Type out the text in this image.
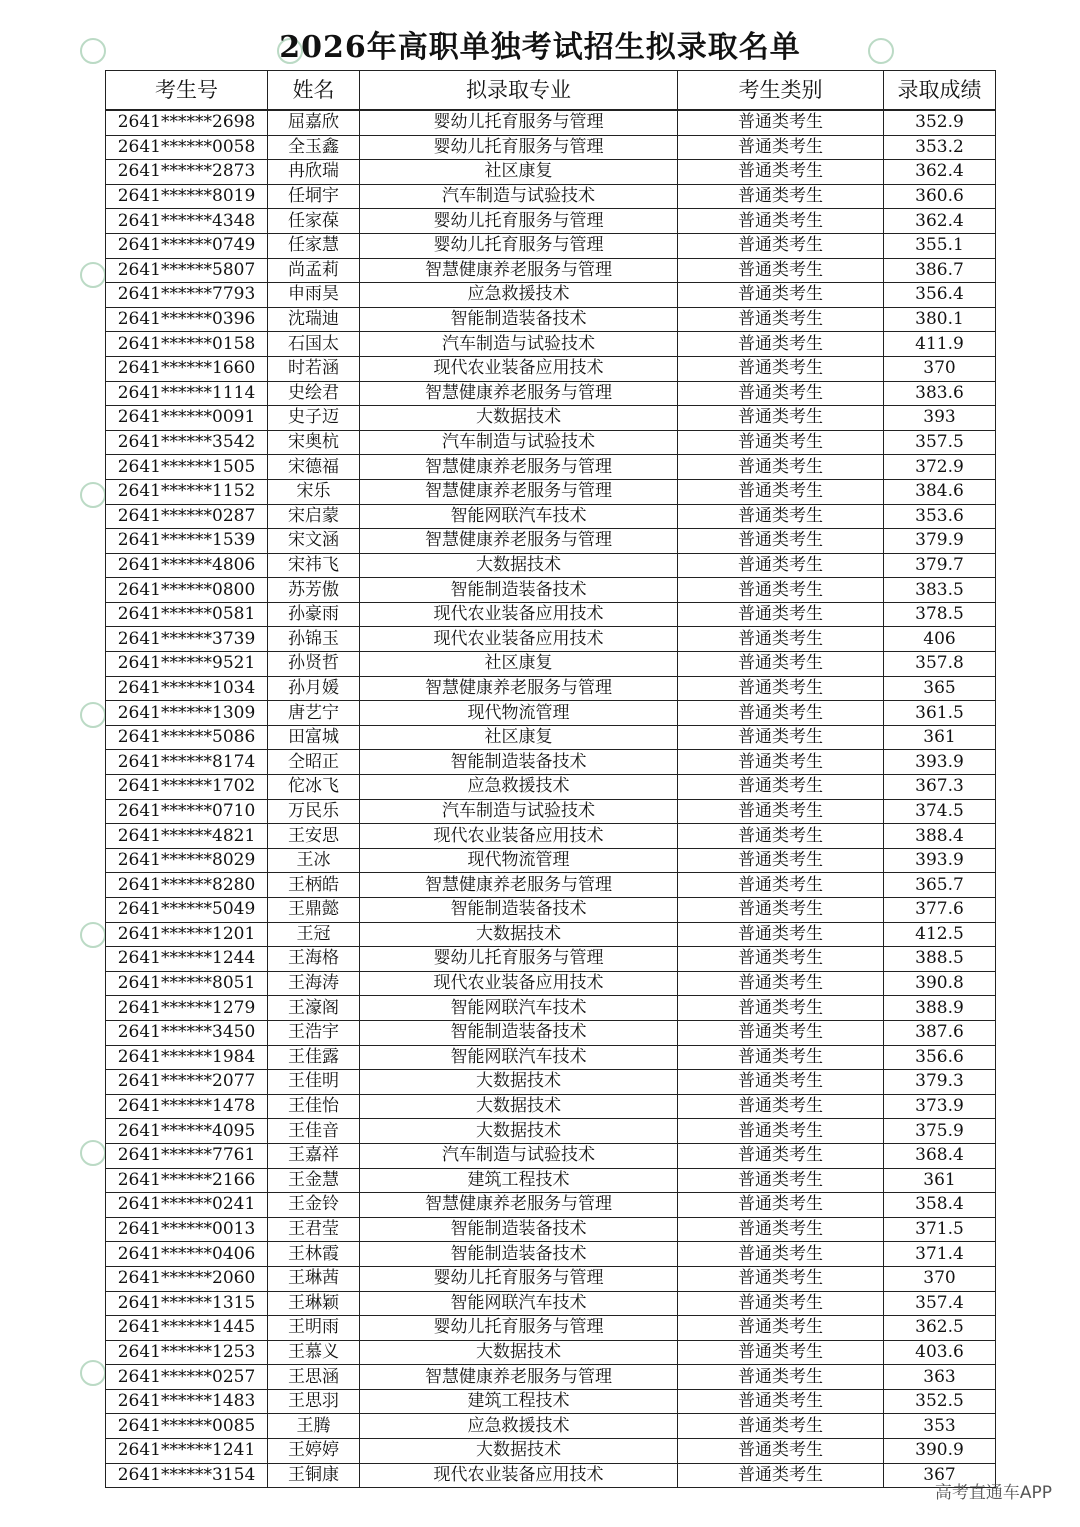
2026年高职单独考试招生拟录取名单
考生号	姓名	拟录取专业	考生类别	录取成绩
2641******2698	屈嘉欣	婴幼儿托育服务与管理	普通类考生	352.9
2641******0058	全玉鑫	婴幼儿托育服务与管理	普通类考生	353.2
2641******2873	冉欣瑞	社区康复	普通类考生	362.4
2641******8019	任垌宇	汽车制造与试验技术	普通类考生	360.6
2641******4348	任家葆	婴幼儿托育服务与管理	普通类考生	362.4
2641******0749	任家慧	婴幼儿托育服务与管理	普通类考生	355.1
2641******5807	尚孟莉	智慧健康养老服务与管理	普通类考生	386.7
2641******7793	申雨昊	应急救援技术	普通类考生	356.4
2641******0396	沈瑞迪	智能制造装备技术	普通类考生	380.1
2641******0158	石国太	汽车制造与试验技术	普通类考生	411.9
2641******1660	时若涵	现代农业装备应用技术	普通类考生	370
2641******1114	史绘君	智慧健康养老服务与管理	普通类考生	383.6
2641******0091	史子迈	大数据技术	普通类考生	393
2641******3542	宋奥杭	汽车制造与试验技术	普通类考生	357.5
2641******1505	宋德福	智慧健康养老服务与管理	普通类考生	372.9
2641******1152	宋乐	智慧健康养老服务与管理	普通类考生	384.6
2641******0287	宋启蒙	智能网联汽车技术	普通类考生	353.6
2641******1539	宋文涵	智慧健康养老服务与管理	普通类考生	379.9
2641******4806	宋祎飞	大数据技术	普通类考生	379.7
2641******0800	苏芳傲	智能制造装备技术	普通类考生	383.5
2641******0581	孙豪雨	现代农业装备应用技术	普通类考生	378.5
2641******3739	孙锦玉	现代农业装备应用技术	普通类考生	406
2641******9521	孙贤哲	社区康复	普通类考生	357.8
2641******1034	孙月媛	智慧健康养老服务与管理	普通类考生	365
2641******1309	唐艺宁	现代物流管理	普通类考生	361.5
2641******5086	田富城	社区康复	普通类考生	361
2641******8174	仝昭正	智能制造装备技术	普通类考生	393.9
2641******1702	佗冰飞	应急救援技术	普通类考生	367.3
2641******0710	万民乐	汽车制造与试验技术	普通类考生	374.5
2641******4821	王安思	现代农业装备应用技术	普通类考生	388.4
2641******8029	王冰	现代物流管理	普通类考生	393.9
2641******8280	王柄皓	智慧健康养老服务与管理	普通类考生	365.7
2641******5049	王鼎懿	智能制造装备技术	普通类考生	377.6
2641******1201	王冠	大数据技术	普通类考生	412.5
2641******1244	王海格	婴幼儿托育服务与管理	普通类考生	388.5
2641******8051	王海涛	现代农业装备应用技术	普通类考生	390.8
2641******1279	王濠阁	智能网联汽车技术	普通类考生	388.9
2641******3450	王浩宇	智能制造装备技术	普通类考生	387.6
2641******1984	王佳露	智能网联汽车技术	普通类考生	356.6
2641******2077	王佳明	大数据技术	普通类考生	379.3
2641******1478	王佳怡	大数据技术	普通类考生	373.9
2641******4095	王佳音	大数据技术	普通类考生	375.9
2641******7761	王嘉祥	汽车制造与试验技术	普通类考生	368.4
2641******2166	王金慧	建筑工程技术	普通类考生	361
2641******0241	王金铃	智慧健康养老服务与管理	普通类考生	358.4
2641******0013	王君莹	智能制造装备技术	普通类考生	371.5
2641******0406	王林霞	智能制造装备技术	普通类考生	371.4
2641******2060	王琳茜	婴幼儿托育服务与管理	普通类考生	370
2641******1315	王琳颖	智能网联汽车技术	普通类考生	357.4
2641******1445	王明雨	婴幼儿托育服务与管理	普通类考生	362.5
2641******1253	王慕义	大数据技术	普通类考生	403.6
2641******0257	王思涵	智慧健康养老服务与管理	普通类考生	363
2641******1483	王思羽	建筑工程技术	普通类考生	352.5
2641******0085	王腾	应急救援技术	普通类考生	353
2641******1241	王婷婷	大数据技术	普通类考生	390.9
2641******3154	王铜康	现代农业装备应用技术	普通类考生	367
高考直通车APP
